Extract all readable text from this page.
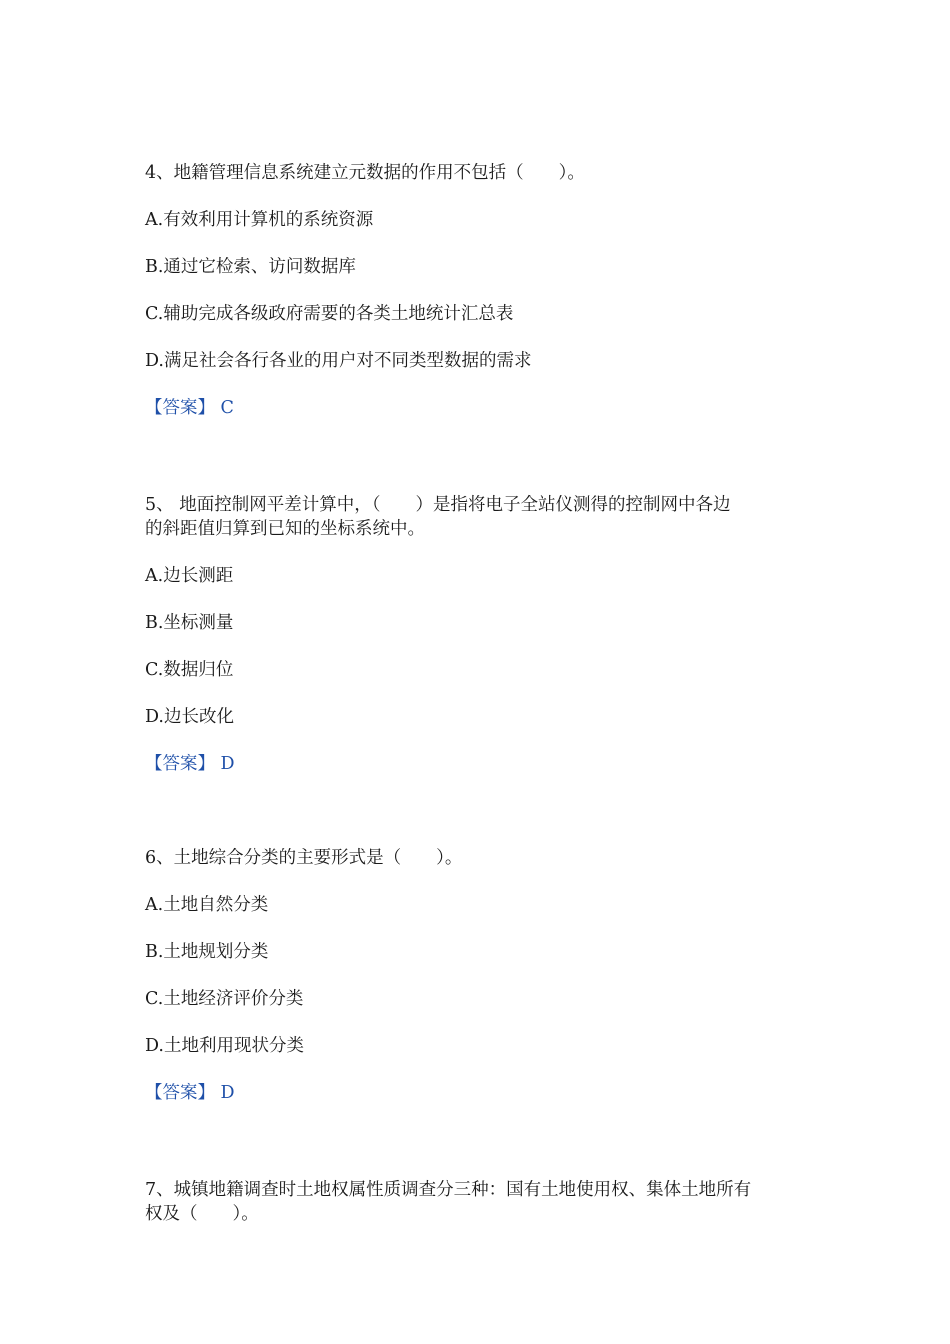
4、地籍管理信息系统建立元数据的作用不包括（　　）。
A.有效利用计算机的系统资源
B.通过它检索、访问数据库
C.辅助完成各级政府需要的各类土地统计汇总表
D.满足社会各行各业的用户对不同类型数据的需求
【答案】 C
5、 地面控制网平差计算中，（　　）是指将电子全站仪测得的控制网中各边
的斜距值归算到已知的坐标系统中。
A.边长测距
B.坐标测量
C.数据归位
D.边长改化
【答案】 D
6、土地综合分类的主要形式是（　　）。
A.土地自然分类
B.土地规划分类
C.土地经济评价分类
D.土地利用现状分类
【答案】 D
7、城镇地籍调查时土地权属性质调查分三种：国有土地使用权、集体土地所有
权及（　　）。
